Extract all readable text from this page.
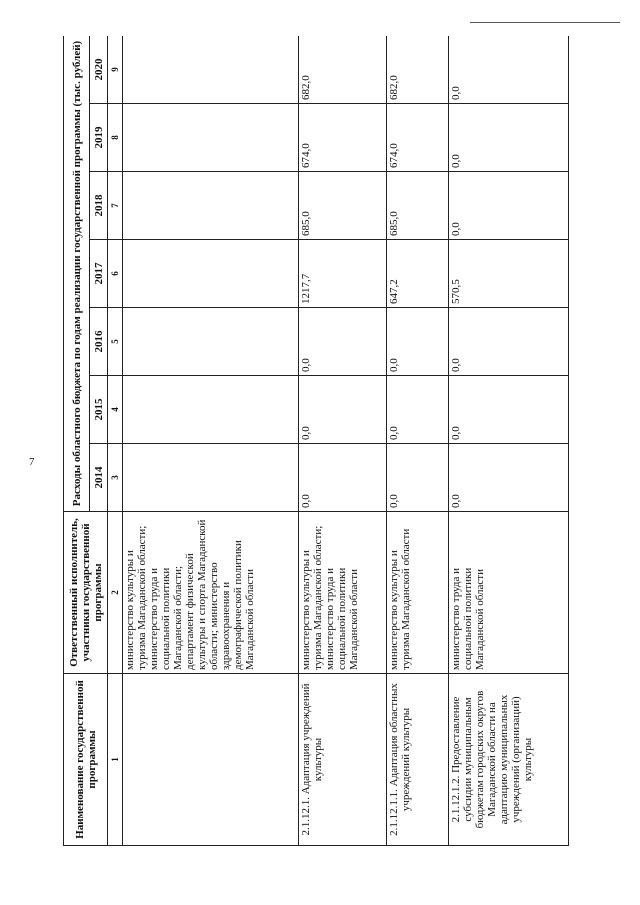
7
Наименование государственной программы	Ответственный исполнитель, участники государственной программы	Расходы областного бюджета по годам реализации государственной программы (тыс. рублей)						
		2014	2015	2016	2017	2018	2019	2020
1	2	3	4	5	6	7	8	9
	министерство культуры и туризма Магаданской области; министерство труда и социальной политики Магаданской области; департамент физической культуры и спорта Магаданской области; министерство здравоохранения и демографической политики Магаданской области							
2.1.12.1. Адаптация учреждений культуры	министерство культуры и туризма Магаданской области; министерство труда и социальной политики Магаданской области	0,0	0,0	0,0	1217,7	685,0	674,0	682,0
2.1.12.1.1. Адаптация областных учреждений культуры	министерство культуры и туризма Магаданской области	0,0	0,0	0,0	647,2	685,0	674,0	682,0
2.1.12.1.2. Предоставление субсидии муниципальным бюджетам городских округов Магаданской области на адаптацию муниципальных учреждений (организаций) культуры	министерство труда и социальной политики Магаданской области	0,0	0,0	0,0	570,5	0,0	0,0	0,0
